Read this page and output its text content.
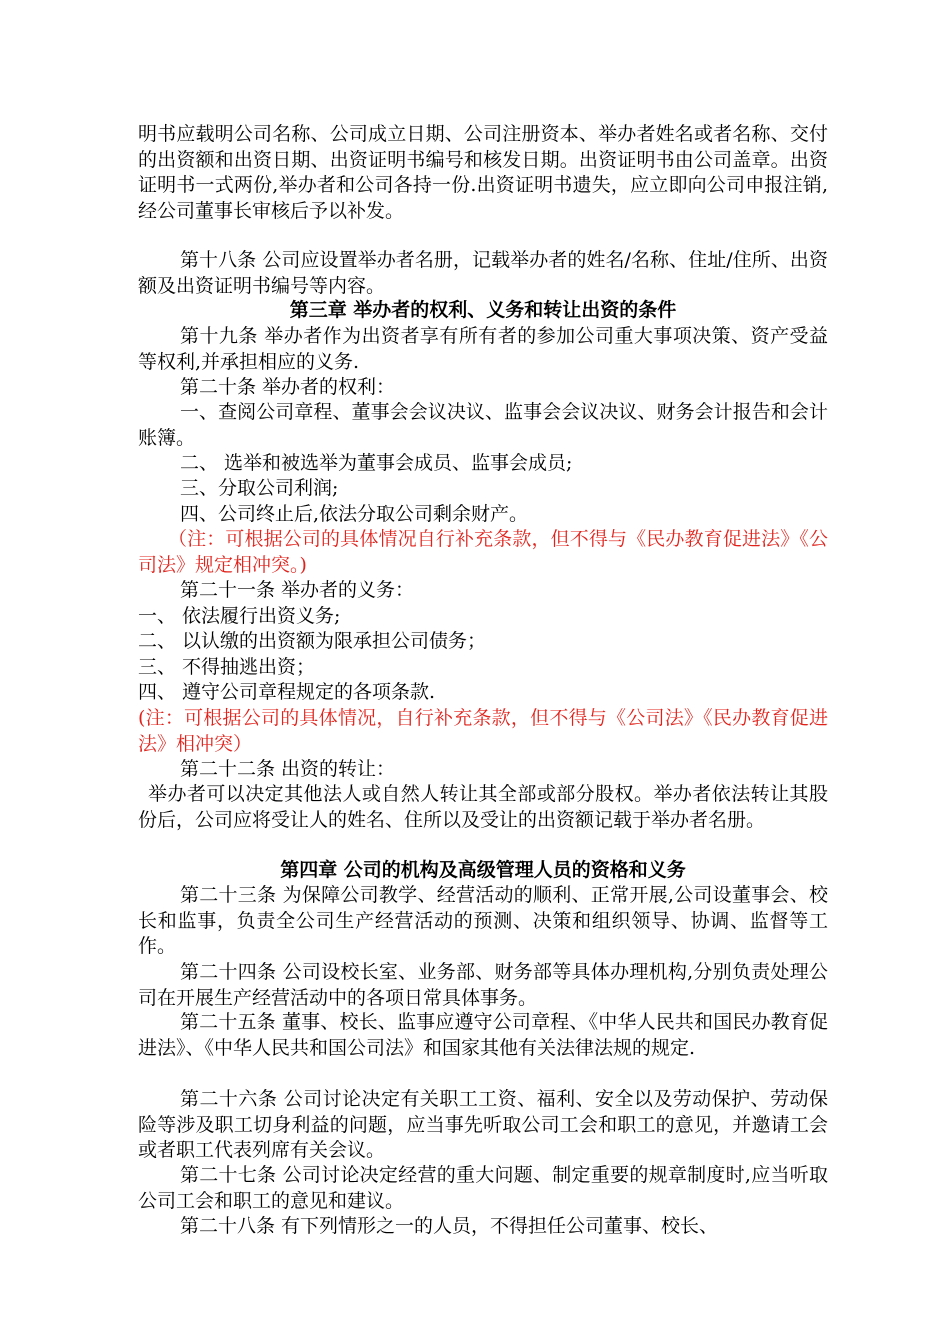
明书应载明公司名称、公司成立日期、公司注册资本、举办者姓名或者名称、交付的出资额和出资日期、出资证明书编号和核发日期。出资证明书由公司盖章。出资证明书一式两份,举办者和公司各持一份.出资证明书遗失，应立即向公司申报注销,经公司董事长审核后予以补发。

第十八条 公司应设置举办者名册，记载举办者的姓名/名称、住址/住所、出资额及出资证明书编号等内容。

第三章 举办者的权利、义务和转让出资的条件

第十九条 举办者作为出资者享有所有者的参加公司重大事项决策、资产受益等权利,并承担相应的义务.

第二十条 举办者的权利：

一、查阅公司章程、董事会会议决议、监事会会议决议、财务会计报告和会计账簿。

二、 选举和被选举为董事会成员、监事会成员;

三、分取公司利润;

四、公司终止后,依法分取公司剩余财产。

（注：可根据公司的具体情况自行补充条款，但不得与《民办教育促进法》《公司法》规定相冲突。)

第二十一条 举办者的义务：

一、 依法履行出资义务;

二、 以认缴的出资额为限承担公司债务；

三、 不得抽逃出资；

四、 遵守公司章程规定的各项条款.

(注：可根据公司的具体情况，自行补充条款，但不得与《公司法》《民办教育促进法》相冲突）

第二十二条 出资的转让：

举办者可以决定其他法人或自然人转让其全部或部分股权。举办者依法转让其股份后，公司应将受让人的姓名、住所以及受让的出资额记载于举办者名册。

第四章 公司的机构及高级管理人员的资格和义务

第二十三条 为保障公司教学、经营活动的顺利、正常开展,公司设董事会、校长和监事，负责全公司生产经营活动的预测、决策和组织领导、协调、监督等工作。

第二十四条 公司设校长室、业务部、财务部等具体办理机构,分别负责处理公司在开展生产经营活动中的各项日常具体事务。

第二十五条 董事、校长、监事应遵守公司章程、《中华人民共和国民办教育促进法》、《中华人民共和国公司法》和国家其他有关法律法规的规定.

第二十六条 公司讨论决定有关职工工资、福利、安全以及劳动保护、劳动保险等涉及职工切身利益的问题，应当事先听取公司工会和职工的意见，并邀请工会或者职工代表列席有关会议。

第二十七条 公司讨论决定经营的重大问题、制定重要的规章制度时,应当听取公司工会和职工的意见和建议。

第二十八条 有下列情形之一的人员，不得担任公司董事、校长、
